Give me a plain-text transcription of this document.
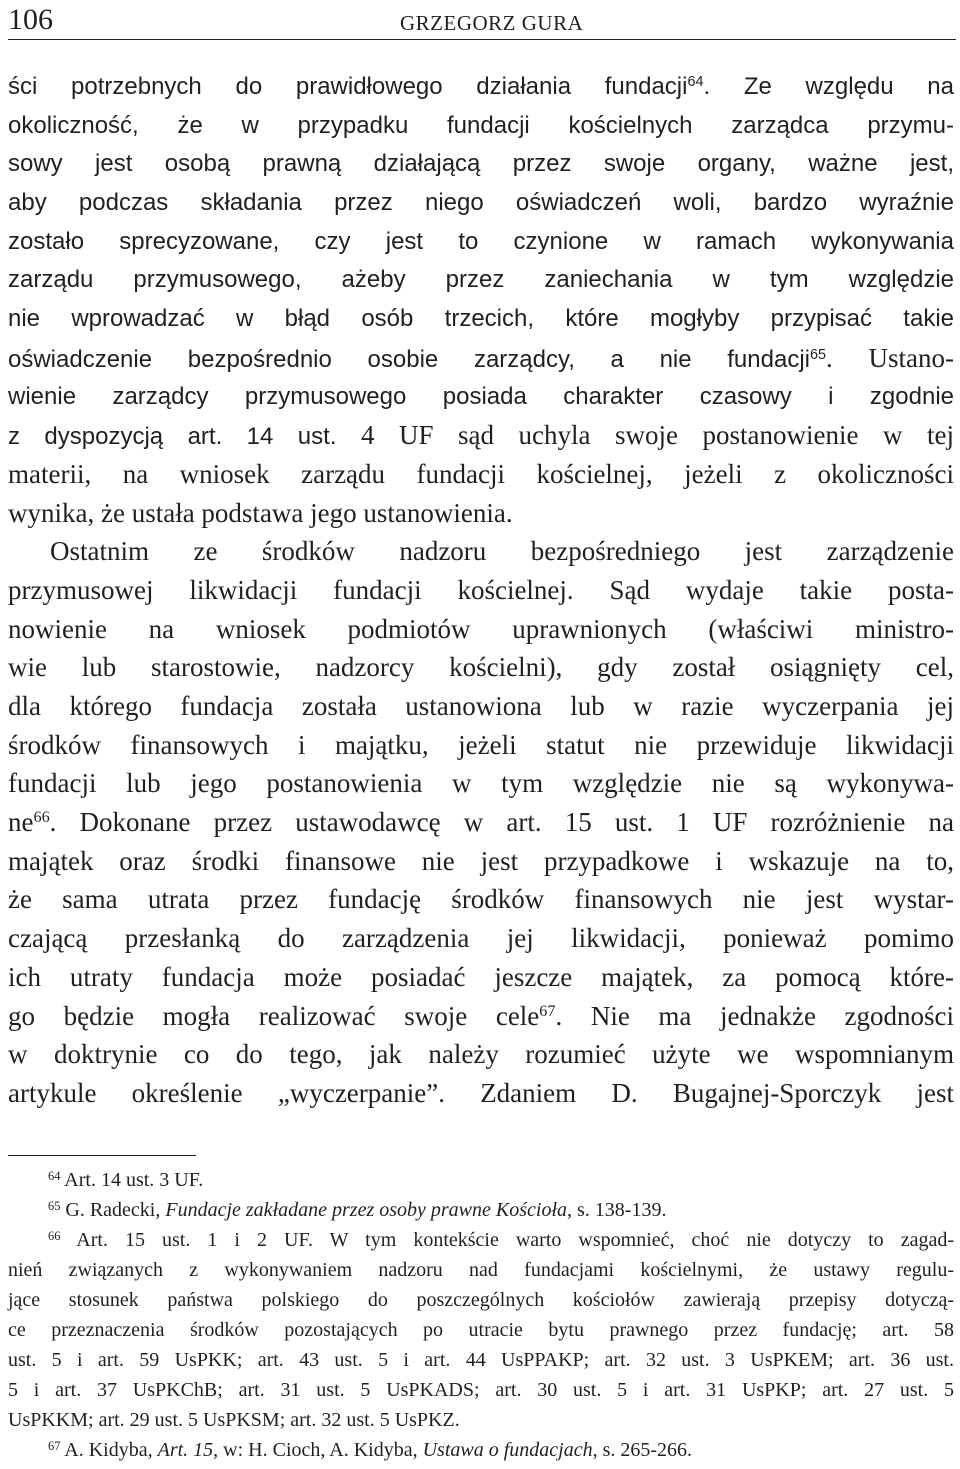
106	GRZEGORZ GURA
ści potrzebnych do prawidłowego działania fundacji$^{64}$. Ze względu na
okoliczność, że w przypadku fundacji kościelnych zarządca przymu-
sowy jest osobą prawną działającą przez swoje organy, ważne jest,
aby podczas składania przez niego oświadczeń woli, bardzo wyraźnie
zostało sprecyzowane, czy jest to czynione w ramach wykonywania
zarządu przymusowego, ażeby przez zaniechania w tym względzie
nie wprowadzać w błąd osób trzecich, które mogłyby przypisać takie
oświadczenie bezpośrednio osobie zarządcy, a nie fundacji$^{65}$. Ustano-
wienie zarządcy przymusowego posiada charakter czasowy i zgodnie
z dyspozycją art. 14 ust. 4 UF sąd uchyla swoje postanowienie w tej
materii, na wniosek zarządu fundacji kościelnej, jeżeli z okoliczności
wynika, że ustała podstawa jego ustanowienia.
Ostatnim ze środków nadzoru bezpośredniego jest zarządzenie
przymusowej likwidacji fundacji kościelnej. Sąd wydaje takie posta-
nowienie na wniosek podmiotów uprawnionych (właściwi ministro-
wie lub starostowie, nadzorcy kościelni), gdy został osiągnięty cel,
dla którego fundacja została ustanowiona lub w razie wyczerpania jej
środków finansowych i majątku, jeżeli statut nie przewiduje likwidacji
fundacji lub jego postanowienia w tym względzie nie są wykonywa-
$ne^{66}$. Dokonane przez ustawodawcę w art. 15 ust. 1 UF rozróżnienie na
majątek oraz środki finansowe nie jest przypadkowe i wskazuje na to,
że sama utrata przez fundację środków finansowych nie jest wystar-
czającą przesłanką do zarządzenia jej likwidacji, ponieważ pomimo
ich utraty fundacja może posiadać jeszcze majątek, za pomocą które-
go będzie mogła realizować swoje cele$^{67}$. Nie ma jednakże zgodności
w doktrynie co do tego, jak należy rozumieć użyte we wspomnianym
artykule określenie „wyczerpanie”. Zdaniem D. Bugajnej-Sporczyk jest
$^{64}$ Art. 14 ust. 3 UF.
$^{65}$ G. Radecki, Fundacje zakładane przez osoby prawne Kościoła, s. 138-139.
$^{66}$ Art. 15 ust. 1 i 2 UF. W tym kontekście warto wspomnieć, choć nie dotyczy to zagad-
nień związanych z wykonywaniem nadzoru nad fundacjami kościelnymi, że ustawy regulu-
jące stosunek państwa polskiego do poszczególnych kościołów zawierają przepisy dotyczą-
ce przeznaczenia środków pozostających po utracie bytu prawnego przez fundację; art. 58
ust. 5 i art. 59 UsPKK; art. 43 ust. 5 i art. 44 UsPPAKP; art. 32 ust. 3 UsPKEM; art. 36 ust.
5 i art. 37 UsPKChB; art. 31 ust. 5 UsPKADS; art. 30 ust. 5 i art. 31 UsPKP; art. 27 ust. 5
UsPKKM; art. 29 ust. 5 UsPKSM; art. 32 ust. 5 UsPKZ.
$^{67}$ A. Kidyba, Art. 15, w: H. Cioch, A. Kidyba, Ustawa o fundacjach, s. 265-266.
